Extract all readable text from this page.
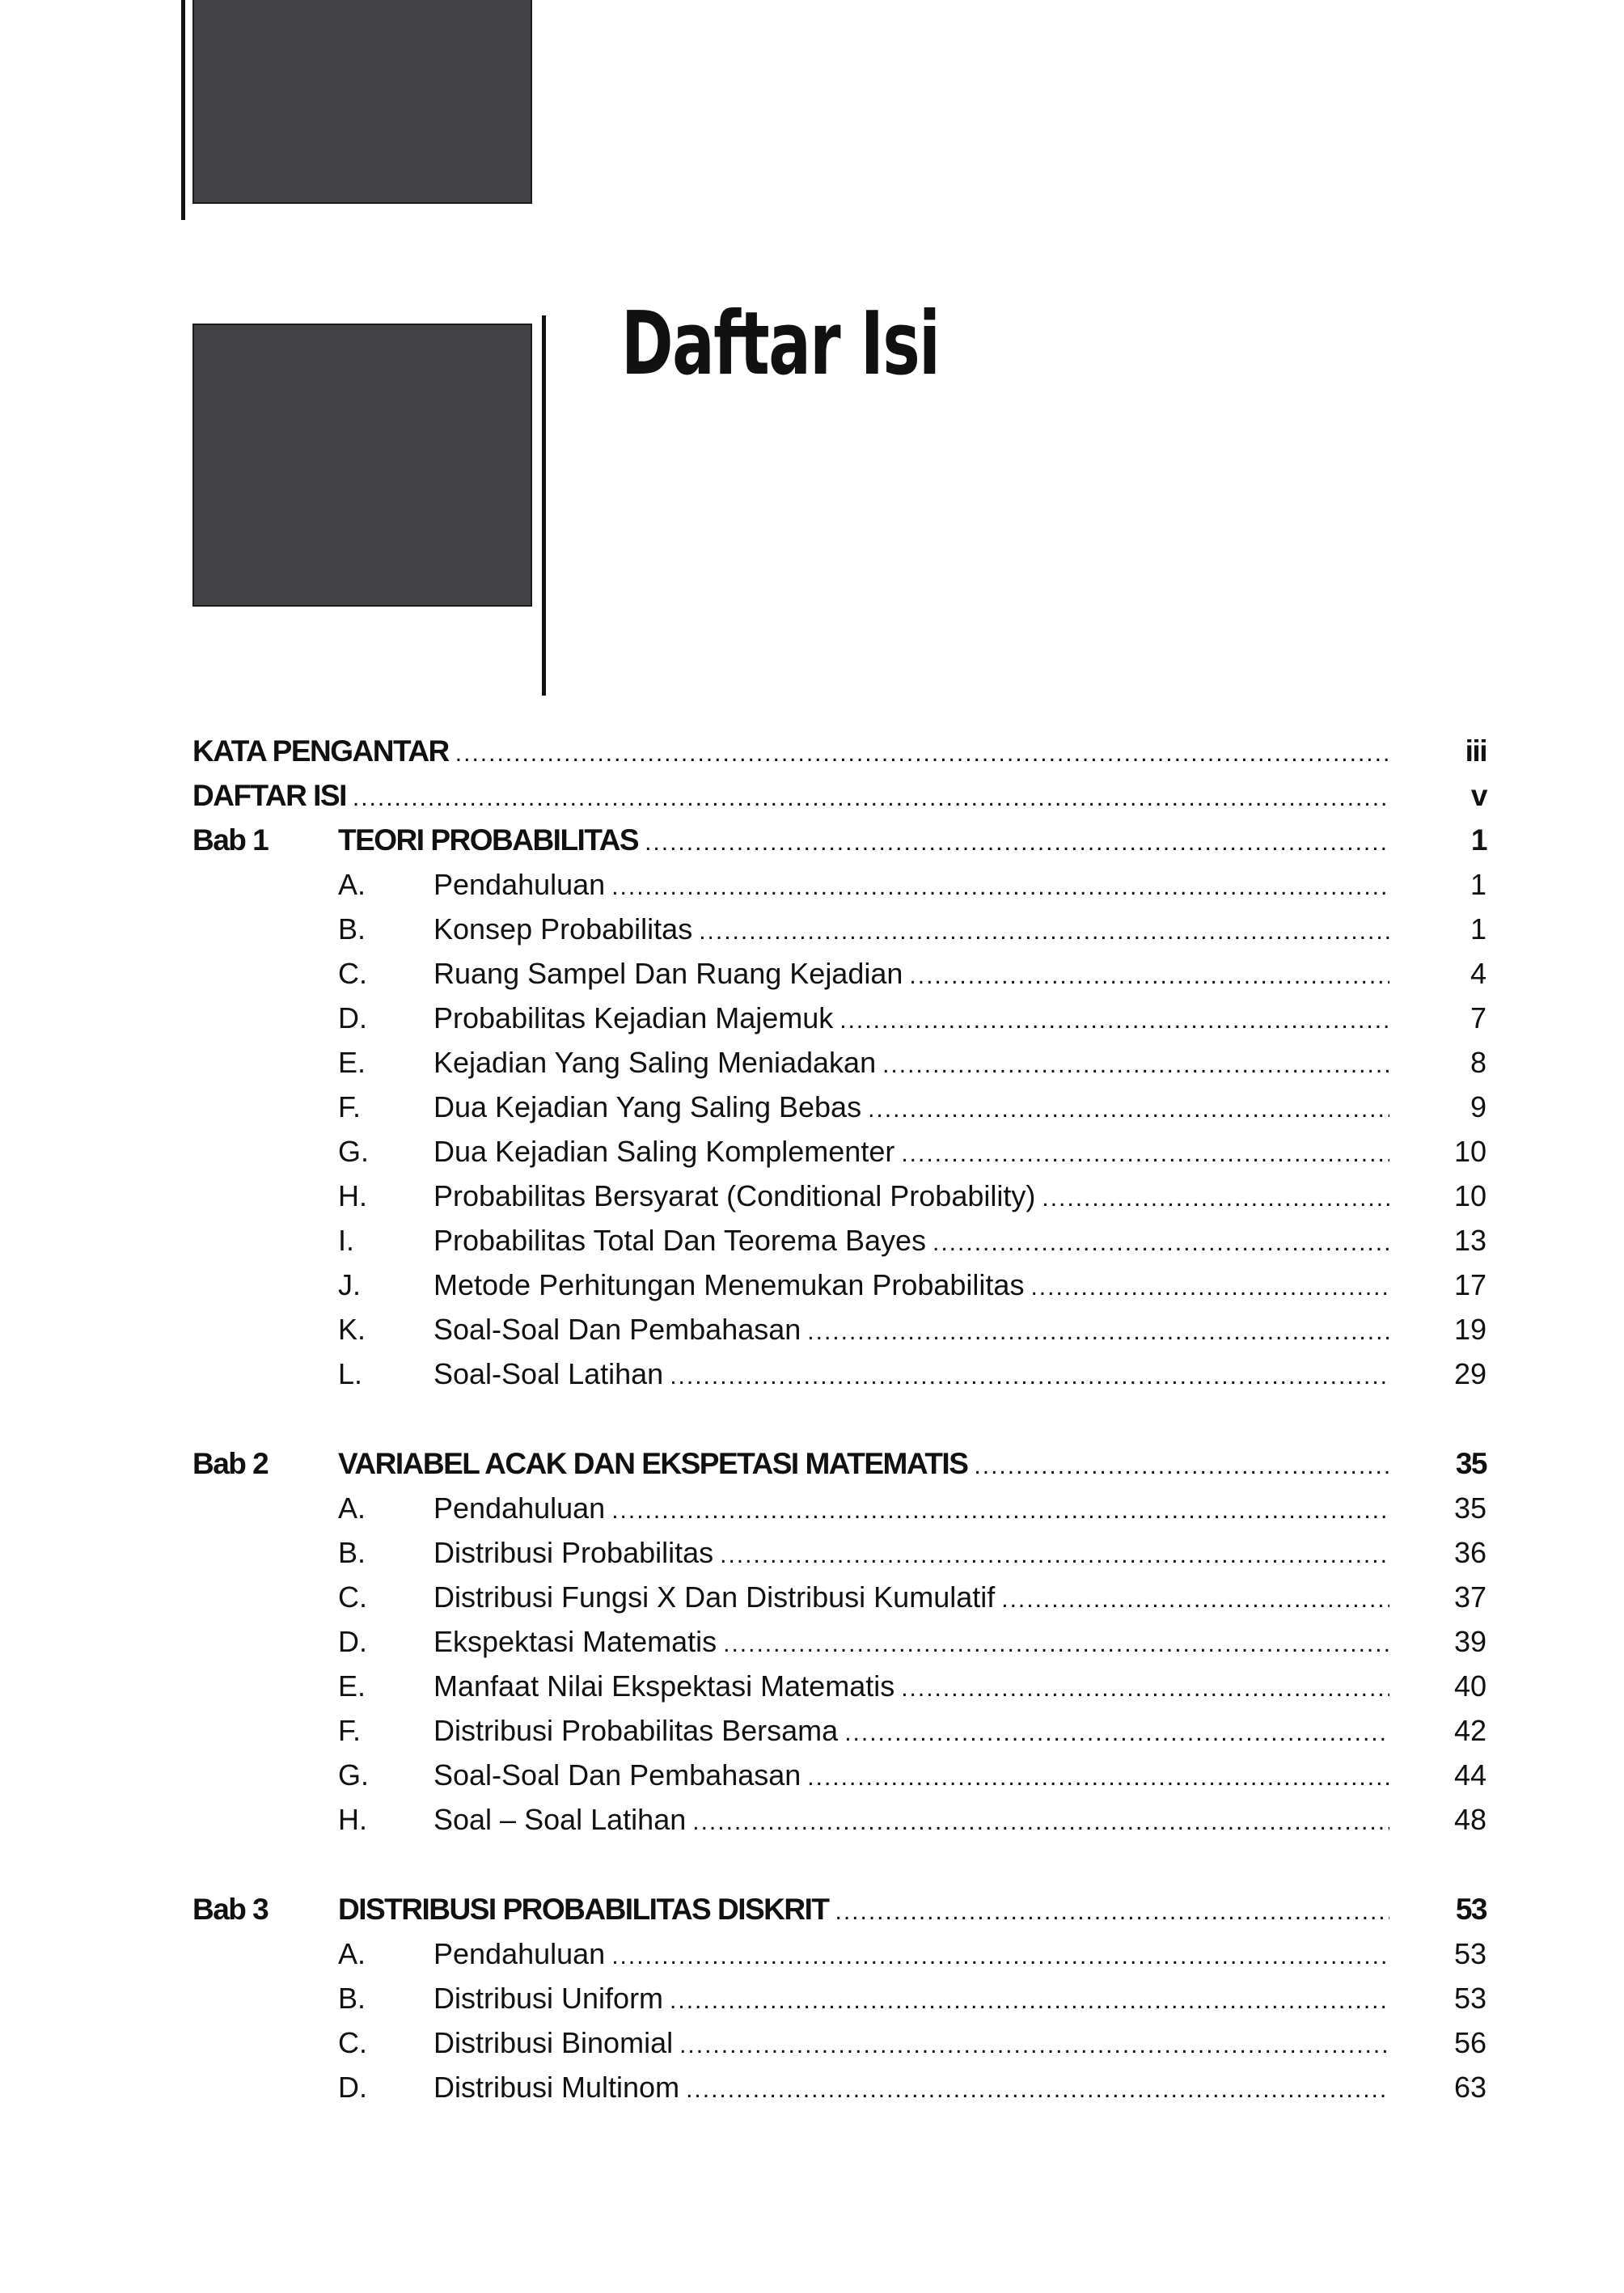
Daftar Isi
KATA PENGANTAR .....	iii
DAFTAR ISI .....	v
Bab 1 TEORI PROBABILITAS .....	1
A. Pendahuluan .....	1
B. Konsep Probabilitas .....	1
C. Ruang Sampel Dan Ruang Kejadian .....	4
D. Probabilitas Kejadian Majemuk .....	7
E. Kejadian Yang Saling Meniadakan .....	8
F. Dua Kejadian Yang Saling Bebas .....	9
G. Dua Kejadian Saling Komplementer .....	10
H. Probabilitas Bersyarat (Conditional Probability) .....	10
I.	Probabilitas Total Dan Teorema Bayes .....	13
J. Metode Perhitungan Menemukan Probabilitas .....	17
K. Soal-Soal Dan Pembahasan .....	19
L. Soal-Soal Latihan .....	29
Bab 2 VARIABEL ACAK DAN EKSPETASI MATEMATIS .....	35
A. Pendahuluan .....	35
B. Distribusi Probabilitas .....	36
C. Distribusi Fungsi X Dan Distribusi Kumulatif .....	37
D. Ekspektasi Matematis .....	39
E. Manfaat Nilai Ekspektasi Matematis .....	40
F. Distribusi Probabilitas Bersama .....	42
G. Soal-Soal Dan Pembahasan .....	44
H. Soal – Soal Latihan .....	48
Bab 3 DISTRIBUSI PROBABILITAS DISKRIT .....	53
A. Pendahuluan .....	53
B. Distribusi Uniform .....	53
C. Distribusi Binomial .....	56
D. Distribusi Multinom .....	63
